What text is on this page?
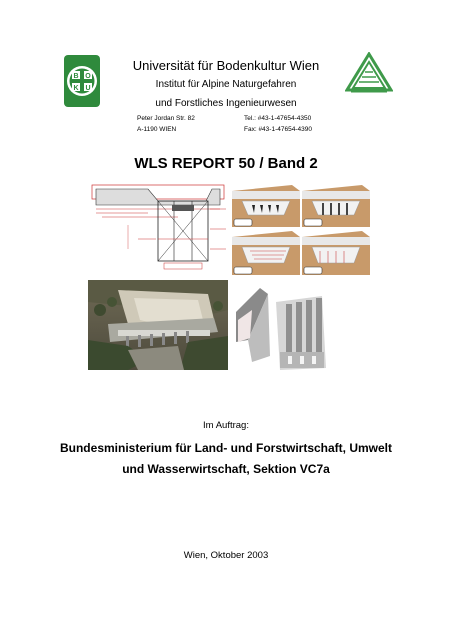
B O
K U
Universität für Bodenkultur Wien
Institut für Alpine Naturgefahren
und Forstliches Ingenieurwesen
Peter Jordan Str. 82
A-1190 WIEN
Tel.: #43-1-47654-4350
Fax: #43-1-47654-4390
WLS REPORT 50 / Band 2
Im Auftrag:
Bundesministerium für Land- und Forstwirtschaft, Umwelt
und Wasserwirtschaft, Sektion VC7a
Wien, Oktober 2003
